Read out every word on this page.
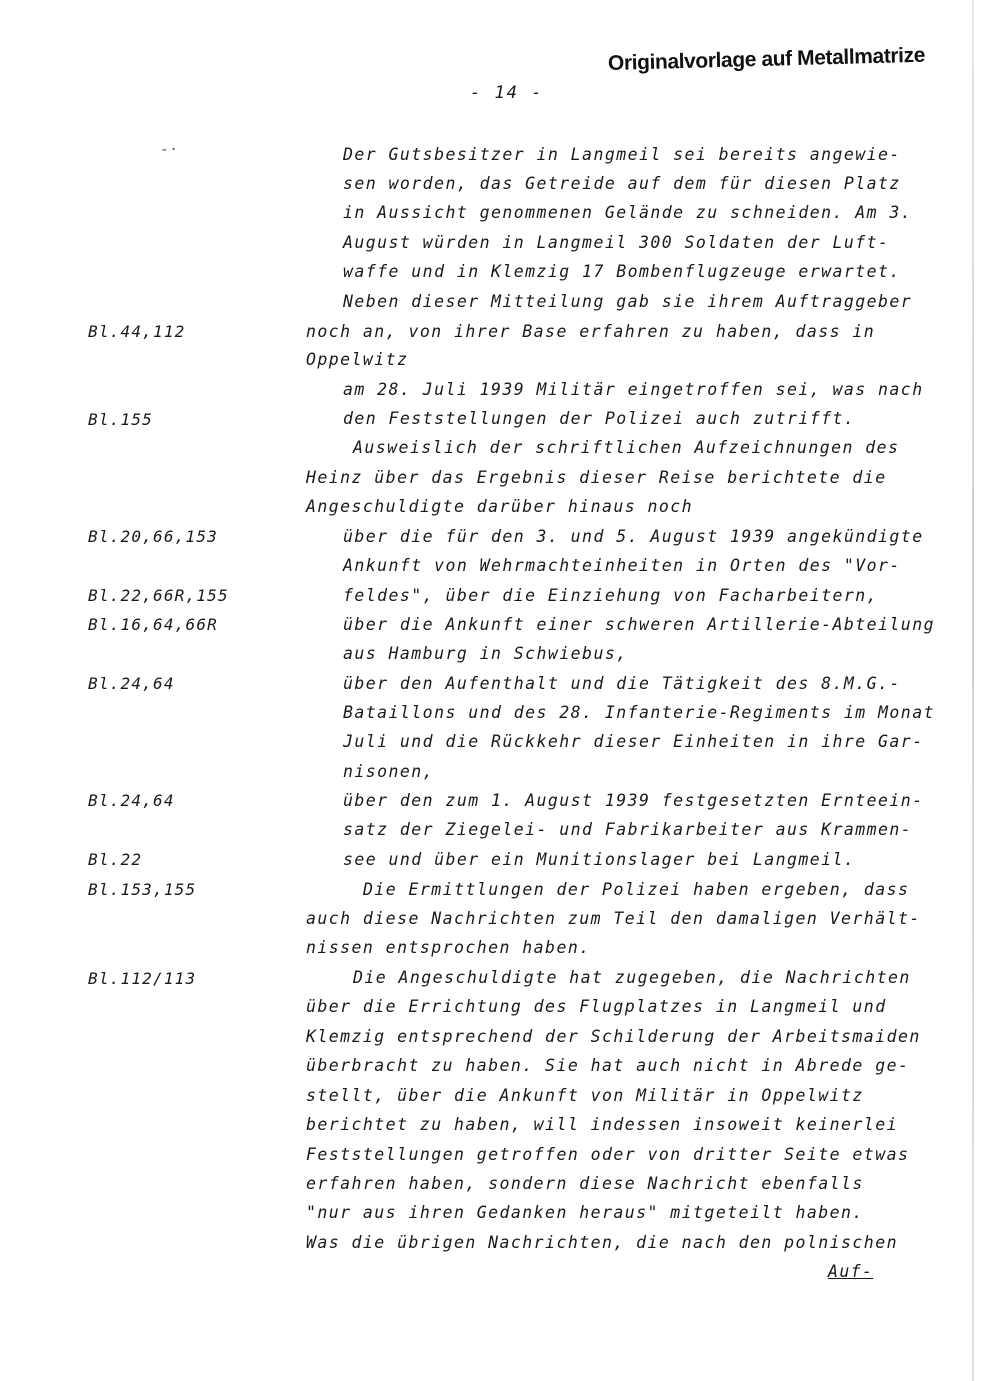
Originalvorlage auf Metallmatrize
- 14 -
-·
Bl.44,112
Bl.155
Bl.20,66,153
Bl.22,66R,155
Bl.16,64,66R
Bl.24,64
Bl.24,64
Bl.22
Bl.153,155
Bl.112/113
Der Gutsbesitzer in Langmeil sei bereits angewie-
sen worden, das Getreide auf dem für diesen Platz
in Aussicht genommenen Gelände zu schneiden. Am 3.
August würden in Langmeil 300 Soldaten der Luft-
waffe und in Klemzig 17 Bombenflugzeuge erwartet.
Neben dieser Mitteilung gab sie ihrem Auftraggeber
noch an, von ihrer Base erfahren zu haben, dass in
Oppelwitz
am 28. Juli 1939 Militär eingetroffen sei, was nach
den Feststellungen der Polizei auch zutrifft.
Ausweislich der schriftlichen Aufzeichnungen des
Heinz über das Ergebnis dieser Reise berichtete die
Angeschuldigte darüber hinaus noch
über die für den 3. und 5. August 1939 angekündigte
Ankunft von Wehrmachteinheiten in Orten des "Vor-
feldes", über die Einziehung von Facharbeitern,
über die Ankunft einer schweren Artillerie-Abteilung
aus Hamburg in Schwiebus,
über den Aufenthalt und die Tätigkeit des 8.M.G.-
Bataillons und des 28. Infanterie-Regiments im Monat
Juli und die Rückkehr dieser Einheiten in ihre Gar-
nisonen,
über den zum 1. August 1939 festgesetzten Ernteein-
satz der Ziegelei- und Fabrikarbeiter aus Krammen-
see und über ein Munitionslager bei Langmeil.
Die Ermittlungen der Polizei haben ergeben, dass
auch diese Nachrichten zum Teil den damaligen Verhält-
nissen entsprochen haben.
Die Angeschuldigte hat zugegeben, die Nachrichten
über die Errichtung des Flugplatzes in Langmeil und
Klemzig entsprechend der Schilderung der Arbeitsmaiden
überbracht zu haben. Sie hat auch nicht in Abrede ge-
stellt, über die Ankunft von Militär in Oppelwitz
berichtet zu haben, will indessen insoweit keinerlei
Feststellungen getroffen oder von dritter Seite etwas
erfahren haben, sondern diese Nachricht ebenfalls
"nur aus ihren Gedanken heraus" mitgeteilt haben.
Was die übrigen Nachrichten, die nach den polnischen
Auf-
